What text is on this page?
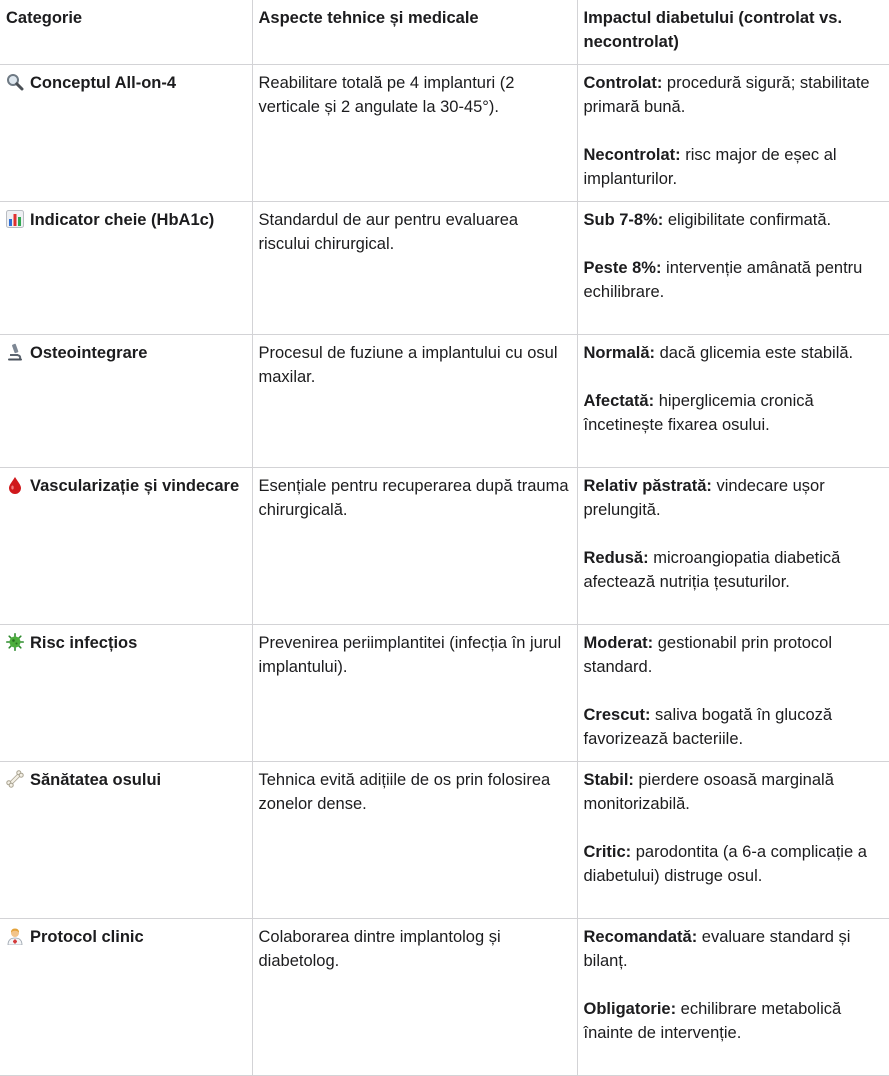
Categorie	Aspecte tehnice și medicale	Impactul diabetului (controlat vs. necontrolat)
Conceptul All-on-4	Reabilitare totală pe 4 implanturi (2 verticale și 2 angulate la 30-45°).	Controlat: procedură sigură; stabilitate primară bună.

Necontrolat: risc major de eșec al implanturilor.

Indicator cheie (HbA1c)	Standardul de aur pentru evaluarea riscului chirurgical.	Sub 7-8%: eligibilitate confirmată.

Peste 8%: intervenție amânată pentru echilibrare.

Osteointegrare	Procesul de fuziune a implantului cu osul maxilar.	Normală: dacă glicemia este stabilă.

Afectată: hiperglicemia cronică încetinește fixarea osului.

Vascularizație și vindecare	Esențiale pentru recuperarea după trauma chirurgicală.	Relativ păstrată: vindecare ușor prelungită.

Redusă: microangiopatia diabetică afectează nutriția țesuturilor.

Risc infecțios	Prevenirea periimplantitei (infecția în jurul implantului).	Moderat: gestionabil prin protocol standard.

Crescut: saliva bogată în glucoză favorizează bacteriile.

Sănătatea osului	Tehnica evită adițiile de os prin folosirea zonelor dense.	Stabil: pierdere osoasă marginală monitorizabilă.

Critic: parodontita (a 6-a complicație a diabetului) distruge osul.

Protocol clinic	Colaborarea dintre implantolog și diabetolog.	Recomandată: evaluare standard și bilanț.

Obligatorie: echilibrare metabolică înainte de intervenție.
